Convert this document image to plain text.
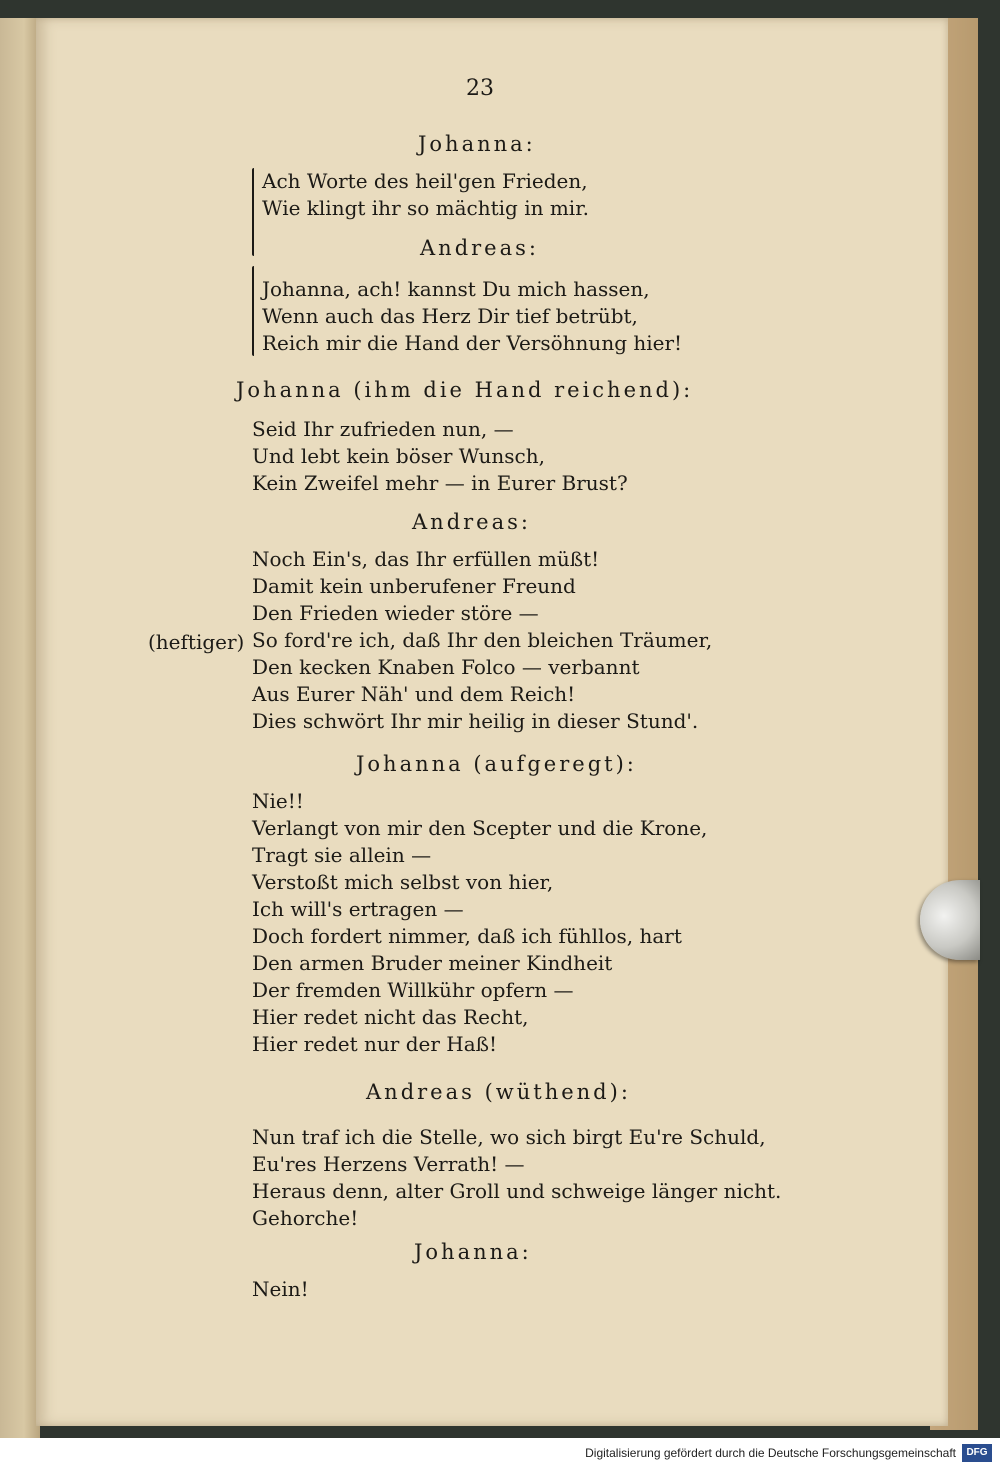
23
Johanna:
Ach Worte des heil'gen Frieden,
Wie klingt ihr so mächtig in mir.
Andreas:
Johanna, ach! kannst Du mich hassen,
Wenn auch das Herz Dir tief betrübt,
Reich mir die Hand der Versöhnung hier!
Johanna (ihm die Hand reichend):
Seid Ihr zufrieden nun, —
Und lebt kein böser Wunsch,
Kein Zweifel mehr — in Eurer Brust?
Andreas:
(heftiger)
Noch Ein's, das Ihr erfüllen müßt!
Damit kein unberufener Freund
Den Frieden wieder störe —
So ford're ich, daß Ihr den bleichen Träumer,
Den kecken Knaben Folco — verbannt
Aus Eurer Näh' und dem Reich!
Dies schwört Ihr mir heilig in dieser Stund'.
Johanna (aufgeregt):
Nie!!
Verlangt von mir den Scepter und die Krone,
Tragt sie allein —
Verstoßt mich selbst von hier,
Ich will's ertragen —
Doch fordert nimmer, daß ich fühllos, hart
Den armen Bruder meiner Kindheit
Der fremden Willkühr opfern —
Hier redet nicht das Recht,
Hier redet nur der Haß!
Andreas (wüthend):
Nun traf ich die Stelle, wo sich birgt Eu're Schuld,
Eu'res Herzens Verrath! —
Heraus denn, alter Groll und schweige länger nicht.
Gehorche!
Johanna:
Nein!
Digitalisierung gefördert durch die Deutsche Forschungsgemeinschaft	DFG
